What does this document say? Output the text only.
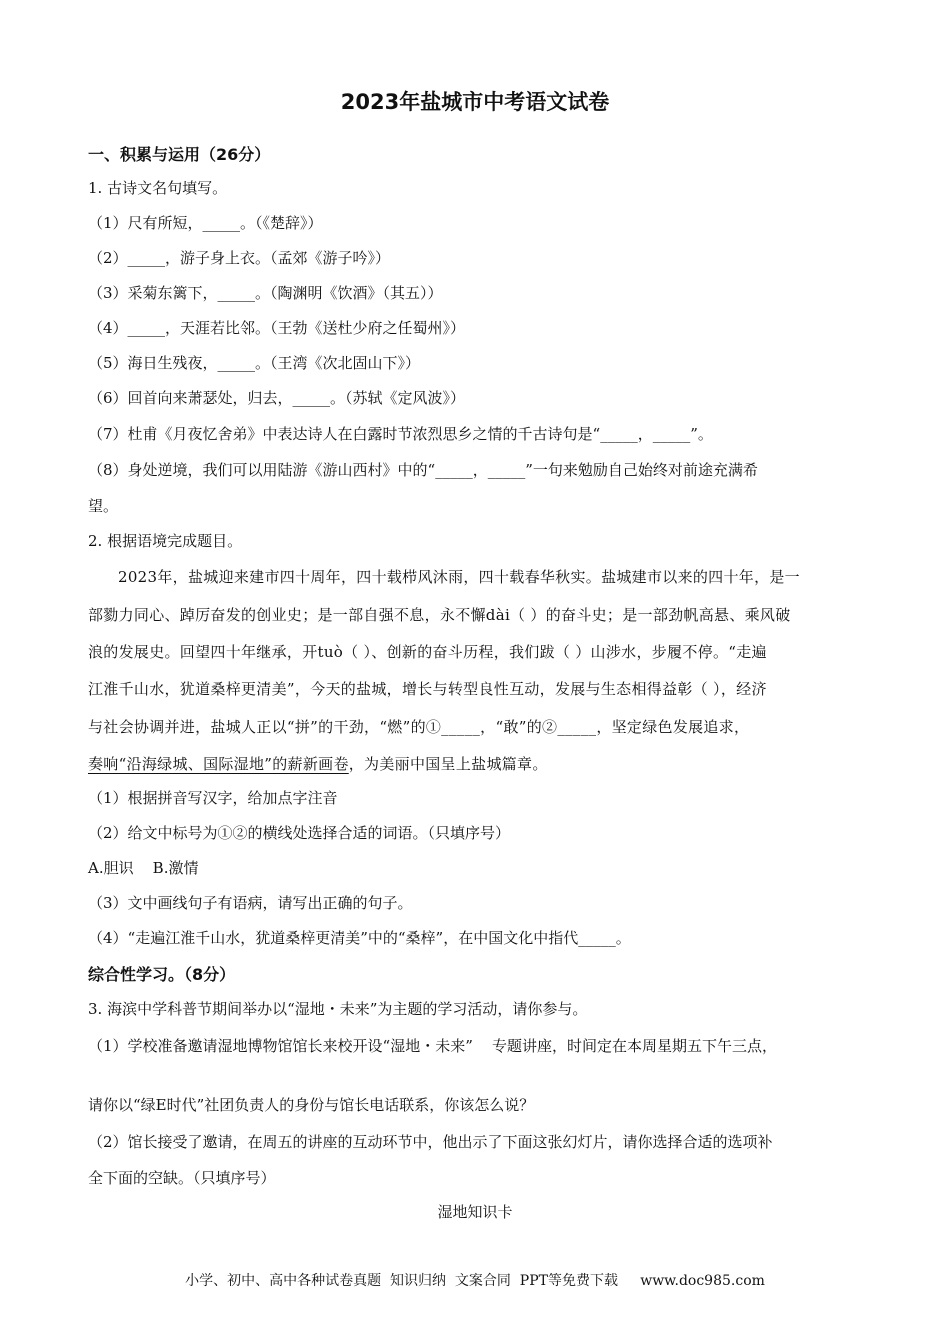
2023年盐城市中考语文试卷
一、积累与运用（26分）
1. 古诗文名句填写。
（1）尺有所短，_____。（《楚辞》）
（2）_____，游子身上衣。（孟郊《游子吟》）
（3）采菊东篱下，_____。（陶渊明《饮酒》（其五））
（4）_____，天涯若比邻。（王勃《送杜少府之任蜀州》）
（5）海日生残夜，_____。（王湾《次北固山下》）
（6）回首向来萧瑟处，归去，_____。（苏轼《定风波》）
（7）杜甫《月夜忆舍弟》中表达诗人在白露时节浓烈思乡之情的千古诗句是“_____，_____”。
（8）身处逆境，我们可以用陆游《游山西村》中的“_____，_____”一句来勉励自己始终对前途充满希
望。
2. 根据语境完成题目。
2023年，盐城迎来建市四十周年，四十载栉风沐雨，四十载春华秋实。盐城建市以来的四十年，是一
部勠力同心、踔厉奋发的创业史；是一部自强不息，永不懈dài（ ）的奋斗史；是一部劲帆高悬、乘风破
浪的发展史。回望四十年继承，开tuò（ ）、创新的奋斗历程，我们跋（ ）山涉水，步履不停。“走遍
江淮千山水，犹道桑梓更清美”，今天的盐城，增长与转型良性互动，发展与生态相得益彰（ ），经济
与社会协调并进，盐城人正以“拼”的干劲，“燃”的①_____，“敢”的②_____，坚定绿色发展追求，
奏响“沿海绿城、国际湿地”的薪新画卷，为美丽中国呈上盐城篇章。
（1）根据拼音写汉字，给加点字注音
（2）给文中标号为①②的横线处选择合适的词语。（只填序号）
A.胆识    B.激情
（3）文中画线句子有语病，请写出正确的句子。
（4）“走遍江淮千山水，犹道桑梓更清美”中的“桑梓”，在中国文化中指代_____。
综合性学习。（8分）
3. 海滨中学科普节期间举办以“湿地・未来”为主题的学习活动，请你参与。
（1）学校准备邀请湿地博物馆馆长来校开设“湿地・未来”    专题讲座，时间定在本周星期五下午三点，
请你以“绿E时代”社团负责人的身份与馆长电话联系，你该怎么说？
（2）馆长接受了邀请，在周五的讲座的互动环节中，他出示了下面这张幻灯片，请你选择合适的选项补
全下面的空缺。（只填序号）
湿地知识卡
小学、初中、高中各种试卷真题  知识归纳  文案合同  PPT等免费下载     www.doc985.com
